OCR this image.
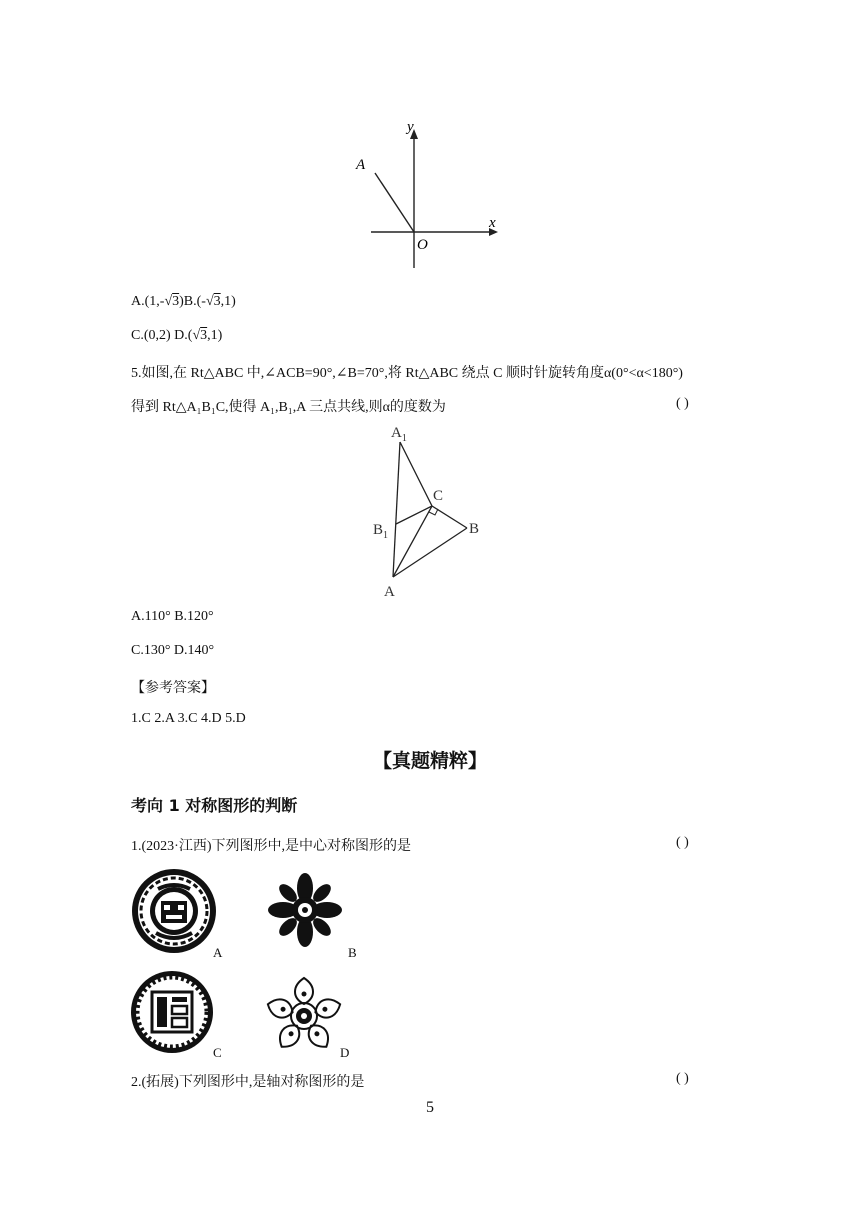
y
x
A
O
A.(1,-√3)B.(-√3,1)
C.(0,2) D.(√3,1)
5.如图,在 Rt△ABC 中,∠ACB=90°,∠B=70°,将 Rt△ABC 绕点 C 顺时针旋转角度α(0°<α<180°)
得到 Rt△A₁B₁C,使得 A₁,B₁,A 三点共线,则α的度数为	( )
$A_1$
C
$B_1$	B
A
A.110° B.120°
C.130° D.140°
【参考答案】
1.C 2.A 3.C 4.D 5.D
【真题精粹】
考向 1 对称图形的判断
1.(2023·江西)下列图形中,是中心对称图形的是	( )
A	B
C	D
2.(拓展)下列图形中,是轴对称图形的是	( )
5
